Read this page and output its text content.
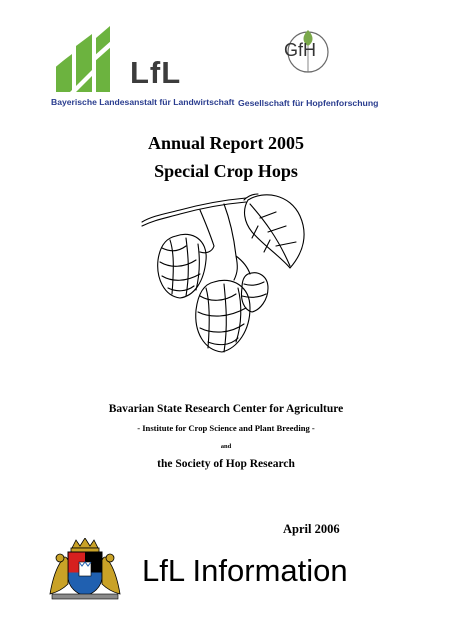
LfL
Bayerische Landesanstalt für Landwirtschaft
GfH
Gesellschaft für Hopfenforschung
Annual Report 2005
Special Crop Hops
Bavarian State Research Center for Agriculture
- Institute for Crop Science and Plant Breeding -
and
the Society of Hop Research
April 2006
LfL Information
